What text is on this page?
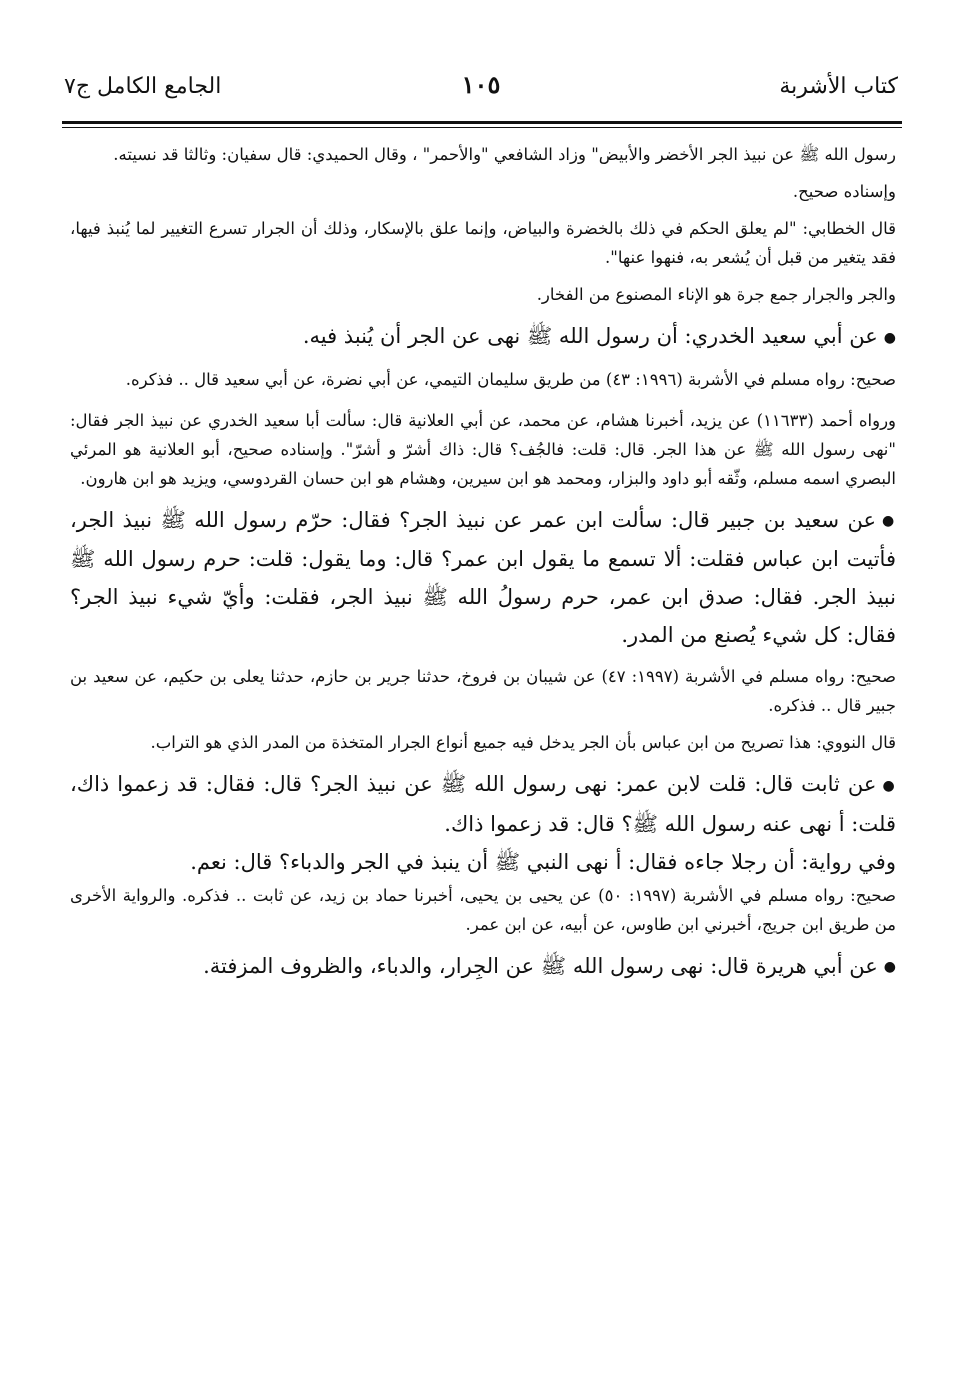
كتاب الأشربة
١٠٥
الجامع الكامل ج٧

رسول الله ﷺ عن نبيذ الجر الأخضر والأبيض" وزاد الشافعي "والأحمر" ، وقال الحميدي: قال سفيان: وثالثا قد نسيته.

وإسناده صحيح.

قال الخطابي: "لم يعلق الحكم في ذلك بالخضرة والبياض، وإنما علق بالإسكار، وذلك أن الجرار تسرع التغيير لما يُنبذ فيها، فقد يتغير من قبل أن يُشعر به، فنهوا عنها".

والجر والجرار جمع جرة هو الإناء المصنوع من الفخار.

●عن أبي سعيد الخدري: أن رسول الله ﷺ نهى عن الجر أن يُنبذ فيه.

صحيح: رواه مسلم في الأشربة (١٩٩٦: ٤٣) من طريق سليمان التيمي، عن أبي نضرة، عن أبي سعيد قال .. فذكره.

ورواه أحمد (١١٦٣٣) عن يزيد، أخبرنا هشام، عن محمد، عن أبي العلانية قال: سألت أبا سعيد الخدري عن نبيذ الجر فقال: "نهى رسول الله ﷺ عن هذا الجر. قال: قلت: فالجُف؟ قال: ذاك أشرّ و أشرّ". وإسناده صحيح، أبو العلانية هو المرئي البصري اسمه مسلم، وثّقه أبو داود والبزار، ومحمد هو ابن سيرين، وهشام هو ابن حسان القردوسي، ويزيد هو ابن هارون.

●عن سعيد بن جبير قال: سألت ابن عمر عن نبيذ الجر؟ فقال: حرّم رسول الله ﷺ نبيذ الجر، فأتيت ابن عباس فقلت: ألا تسمع ما يقول ابن عمر؟ قال: وما يقول: قلت: حرم رسول الله ﷺ نبيذ الجر. فقال: صدق ابن عمر، حرم رسولُ الله ﷺ نبيذ الجر، فقلت: وأيّ شيء نبيذ الجر؟ فقال: كل شيء يُصنع من المدر.

صحيح: رواه مسلم في الأشربة (١٩٩٧: ٤٧) عن شيبان بن فروخ، حدثنا جرير بن حازم، حدثنا يعلى بن حكيم، عن سعيد بن جبير قال .. فذكره.

قال النووي: هذا تصريح من ابن عباس بأن الجر يدخل فيه جميع أنواع الجرار المتخذة من المدر الذي هو التراب.

●عن ثابت قال: قلت لابن عمر: نهى رسول الله ﷺ عن نبيذ الجر؟ قال: فقال: قد زعموا ذاك، قلت: أ نهى عنه رسول الله ﷺ؟ قال: قد زعموا ذاك.

وفي رواية: أن رجلا جاءه فقال: أ نهى النبي ﷺ أن ينبذ في الجر والدباء؟ قال: نعم.

صحيح: رواه مسلم في الأشربة (١٩٩٧: ٥٠) عن يحيى بن يحيى، أخبرنا حماد بن زيد، عن ثابت .. فذكره. والرواية الأخرى من طريق ابن جريج، أخبرني ابن طاوس، عن أبيه، عن ابن عمر.

●عن أبي هريرة قال: نهى رسول الله ﷺ عن الجِرار، والدباء، والظروف المزفتة.
